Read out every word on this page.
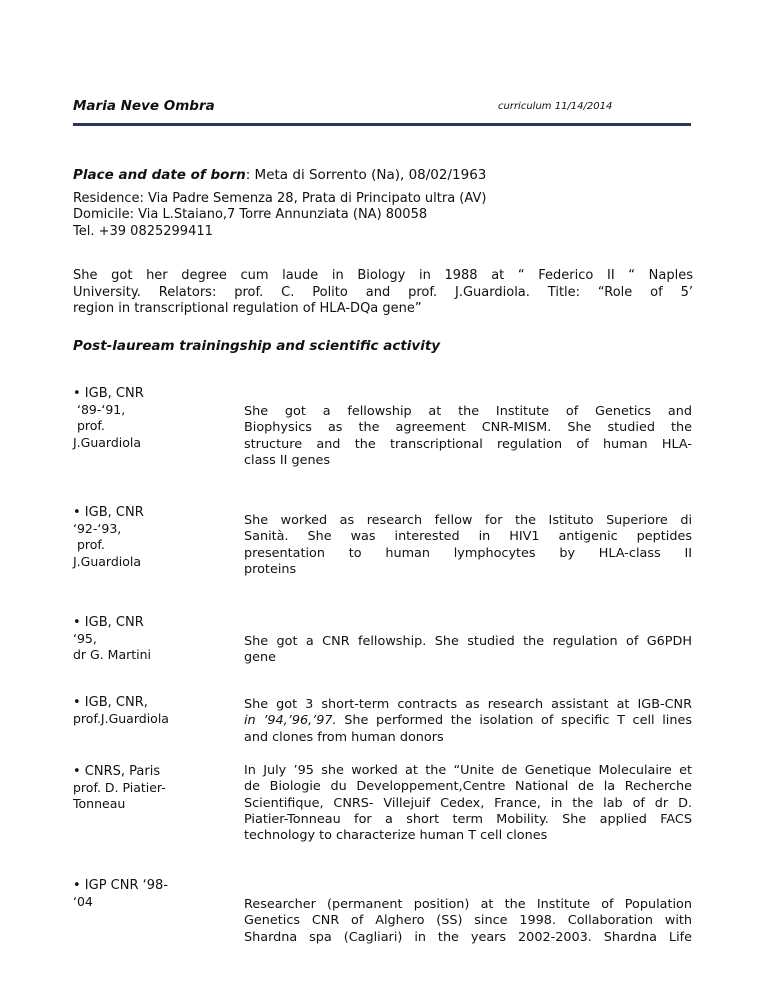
Maria Neve Ombra	curriculum 11/14/2014
Place and date of born: Meta di Sorrento (Na), 08/02/1963
Residence: Via Padre Semenza 28, Prata di Principato ultra (AV)
Domicile: Via L.Staiano,7 Torre Annunziata (NA) 80058
Tel. +39 0825299411
She got her degree cum laude in Biology in 1988 at “ Federico II “ Naples
University. Relators: prof. C. Polito and prof. J.Guardiola. Title: “Role of 5’
region in transcriptional regulation of HLA-DQa gene”
Post-lauream trainingship and scientific activity
• IGB, CNR
‘89-‘91,
prof.
J.Guardiola
She got a fellowship at the Institute of Genetics and
Biophysics as the agreement CNR-MISM. She studied the
structure and the transcriptional regulation of human HLA-
class II genes
• IGB, CNR
‘92-‘93,
prof.
J.Guardiola
She worked as research fellow for the Istituto Superiore di
Sanità. She was interested in HIV1 antigenic peptides
presentation to human lymphocytes by HLA-class II
proteins
• IGB, CNR
‘95,
dr G. Martini
She got a CNR fellowship. She studied the regulation of G6PDH
gene
• IGB, CNR,
prof.J.Guardiola
She got 3 short-term contracts as research assistant at IGB-CNR
in ’94,’96,’97. She performed the isolation of specific T cell lines
and clones from human donors
• CNRS, Paris
prof. D. Piatier-
Tonneau
In July ’95 she worked at the “Unite de Genetique Moleculaire et
de Biologie du Developpement,Centre National de la Recherche
Scientifique, CNRS- Villejuif Cedex, France, in the lab of dr D.
Piatier-Tonneau for a short term Mobility. She applied FACS
technology to characterize human T cell clones
• IGP CNR ‘98-
‘04	Researcher (permanent position) at the Institute of Population
Genetics CNR of Alghero (SS) since 1998. Collaboration with
Shardna spa (Cagliari) in the years 2002-2003. Shardna Life
